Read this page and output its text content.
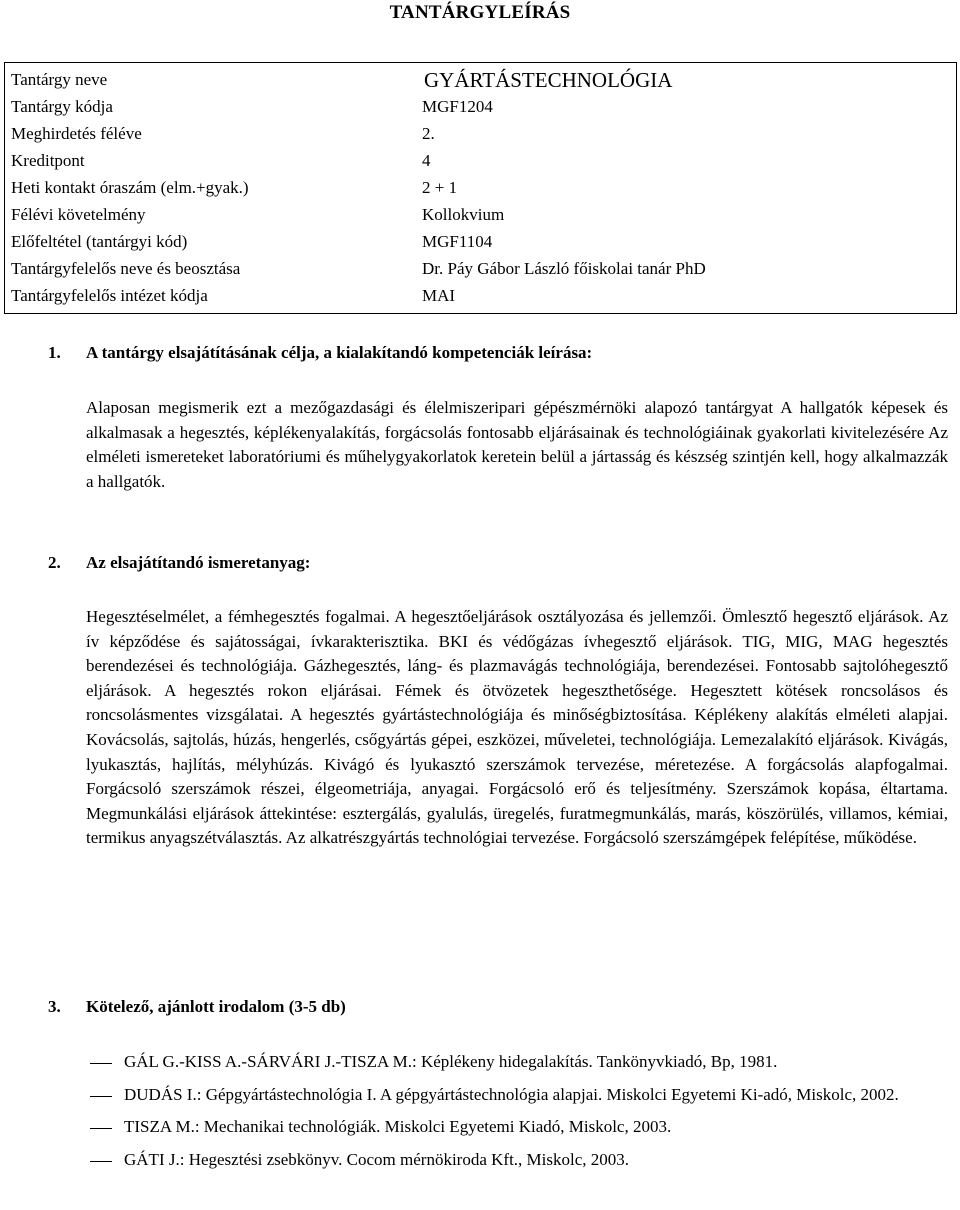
TANTÁRGYLEÍRÁS
Tantárgy neve	GYÁRTÁSTECHNOLÓGIA
Tantárgy kódja	MGF1204
Meghirdetés féléve	2.
Kreditpont	4
Heti kontakt óraszám (elm.+gyak.)	2 + 1
Félévi követelmény	Kollokvium
Előfeltétel (tantárgyi kód)	MGF1104
Tantárgyfelelős neve és beosztása	Dr. Páy Gábor László főiskolai tanár PhD
Tantárgyfelelős intézet kódja	MAI
1. A tantárgy elsajátításának célja, a kialakítandó kompetenciák leírása:
Alaposan megismerik ezt a mezőgazdasági és élelmiszeripari gépészmérnöki alapozó tantárgyat A hallgatók képesek és alkalmasak a hegesztés, képlékenyalakítás, forgácsolás fontosabb eljárásainak és technológiáinak gyakorlati kivitelezésére Az elméleti ismereteket laboratóriumi és műhelygyakorlatok keretein belül a jártasság és készség szintjén kell, hogy alkalmazzák a hallgatók.
2. Az elsajátítandó ismeretanyag:
Hegesztéselmélet, a fémhegesztés fogalmai. A hegesztőeljárások osztályozása és jellemzői. Ömlesztő hegesztő eljárások. Az ív képződése és sajátosságai, ívkarakterisztika. BKI és védőgázas ívhegesztő eljárások. TIG, MIG, MAG hegesztés berendezései és technológiája. Gázhegesztés, láng- és plazmavágás technológiája, berendezései. Fontosabb sajtolóhegesztő eljárások. A hegesztés rokon eljárásai. Fémek és ötvözetek hegeszthetősége. Hegesztett kötések roncsolásos és roncsolásmentes vizsgálatai. A hegesztés gyártástechnológiája és minőségbiztosítása. Képlékeny alakítás elméleti alapjai. Kovácsolás, sajtolás, húzás, hengerlés, csőgyártás gépei, eszközei, műveletei, technológiája. Lemezalakító eljárások. Kivágás, lyukasztás, hajlítás, mélyhúzás. Kivágó és lyukasztó szerszámok tervezése, méretezése. A forgácsolás alapfogalmai. Forgácsoló szerszámok részei, élgeometriája, anyagai. Forgácsoló erő és teljesítmény. Szerszámok kopása, éltartama. Megmunkálási eljárások áttekintése: esztergálás, gyalulás, üregelés, furatmegmunkálás, marás, köszörülés, villamos, kémiai, termikus anyagszétválasztás. Az alkatrészgyártás technológiai tervezése. Forgácsoló szerszámgépek felépítése, működése.
3. Kötelező, ajánlott irodalom (3-5 db)
GÁL G.-KISS A.-SÁRVÁRI J.-TISZA M.: Képlékeny hidegalakítás. Tankönyvkiadó, Bp, 1981.
DUDÁS I.: Gépgyártástechnológia I. A gépgyártástechnológia alapjai. Miskolci Egyetemi Ki-adó, Miskolc, 2002.
TISZA M.: Mechanikai technológiák. Miskolci Egyetemi Kiadó, Miskolc, 2003.
GÁTI J.: Hegesztési zsebkönyv. Cocom mérnökiroda Kft., Miskolc, 2003.
